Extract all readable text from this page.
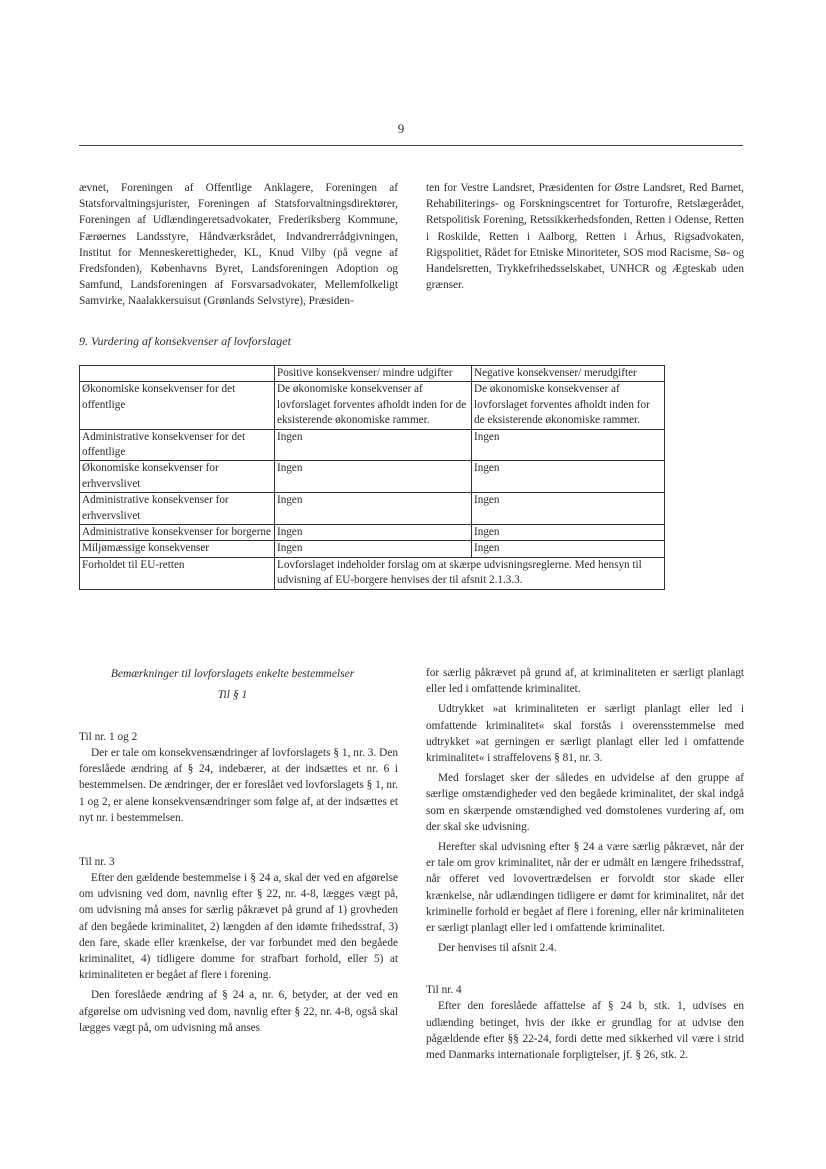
9

ævnet, Foreningen af Offentlige Anklagere, Foreningen af Statsforvaltningsjurister, Foreningen af Statsforvaltningsdirektører, Foreningen af Udlændingeretsadvokater, Frederiksberg Kommune, Færøernes Landsstyre, Håndværksrådet, Indvandrerrådgivningen, Institut for Menneskerettigheder, KL, Knud Vilby (på vegne af Fredsfonden), Københavns Byret, Landsforeningen Adoption og Samfund, Landsforeningen af Forsvarsadvokater, Mellemfolkeligt Samvirke, Naalakkersuisut (Grønlands Selvstyre), Præsiden-

ten for Vestre Landsret, Præsidenten for Østre Landsret, Red Barnet, Rehabiliterings- og Forskningscentret for Torturofre, Retslægerådet, Retspolitisk Forening, Retssikkerhedsfonden, Retten i Odense, Retten i Roskilde, Retten i Aalborg, Retten i Århus, Rigsadvokaten, Rigspolitiet, Rådet for Etniske Minoriteter, SOS mod Racisme, Sø- og Handelsretten, Trykkefrihedsselskabet, UNHCR og Ægteskab uden grænser.

9. Vurdering af konsekvenser af lovforslaget

	Positive konsekvenser/ mindre udgifter	Negative konsekvenser/ merudgifter
Økonomiske konsekvenser for det offentlige	De økonomiske konsekvenser af lovforslaget forventes afholdt inden for de eksisterende økonomiske rammer.	De økonomiske konsekvenser af lovforslaget forventes afholdt inden for de eksisterende økonomiske rammer.
Administrative konsekvenser for det offentlige	Ingen	Ingen
Økonomiske konsekvenser for erhvervslivet	Ingen	Ingen
Administrative konsekvenser for erhvervslivet	Ingen	Ingen
Administrative konsekvenser for borgerne	Ingen	Ingen
Miljømæssige konsekvenser	Ingen	Ingen
Forholdet til EU-retten	Lovforslaget indeholder forslag om at skærpe udvisningsreglerne. Med hensyn til udvisning af EU-borgere henvises der til afsnit 2.1.3.3.	

Bemærkninger til lovforslagets enkelte bestemmelser

Til § 1

Til nr. 1 og 2

Der er tale om konsekvensændringer af lovforslagets § 1, nr. 3. Den foreslåede ændring af § 24, indebærer, at der indsættes et nr. 6 i bestemmelsen. De ændringer, der er foreslået ved lovforslagets § 1, nr. 1 og 2, er alene konsekvensændringer som følge af, at der indsættes et nyt nr. i bestemmelsen.

Til nr. 3

Efter den gældende bestemmelse i § 24 a, skal der ved en afgørelse om udvisning ved dom, navnlig efter § 22, nr. 4-8, lægges vægt på, om udvisning må anses for særlig påkrævet på grund af 1) grovheden af den begåede kriminalitet, 2) længden af den idømte frihedsstraf, 3) den fare, skade eller krænkelse, der var forbundet med den begåede kriminalitet, 4) tidligere domme for strafbart forhold, eller 5) at kriminaliteten er begået af flere i forening.

Den foreslåede ændring af § 24 a, nr. 6, betyder, at der ved en afgørelse om udvisning ved dom, navnlig efter § 22, nr. 4-8, også skal lægges vægt på, om udvisning må anses

for særlig påkrævet på grund af, at kriminaliteten er særligt planlagt eller led i omfattende kriminalitet.

Udtrykket »at kriminaliteten er særligt planlagt eller led i omfattende kriminalitet« skal forstås i overensstemmelse med udtrykket »at gerningen er særligt planlagt eller led i omfattende kriminalitet« i straffelovens § 81, nr. 3.

Med forslaget sker der således en udvidelse af den gruppe af særlige omstændigheder ved den begåede kriminalitet, der skal indgå som en skærpende omstændighed ved domstolenes vurdering af, om der skal ske udvisning.

Herefter skal udvisning efter § 24 a være særlig påkrævet, når der er tale om grov kriminalitet, når der er udmålt en længere frihedsstraf, når offeret ved lovovertrædelsen er forvoldt stor skade eller krænkelse, når udlændingen tidligere er dømt for kriminalitet, når det kriminelle forhold er begået af flere i forening, eller når kriminaliteten er særligt planlagt eller led i omfattende kriminalitet.

Der henvises til afsnit 2.4.

Til nr. 4

Efter den foreslåede affattelse af § 24 b, stk. 1, udvises en udlænding betinget, hvis der ikke er grundlag for at udvise den pågældende efter §§ 22-24, fordi dette med sikkerhed vil være i strid med Danmarks internationale forpligtelser, jf. § 26, stk. 2.
